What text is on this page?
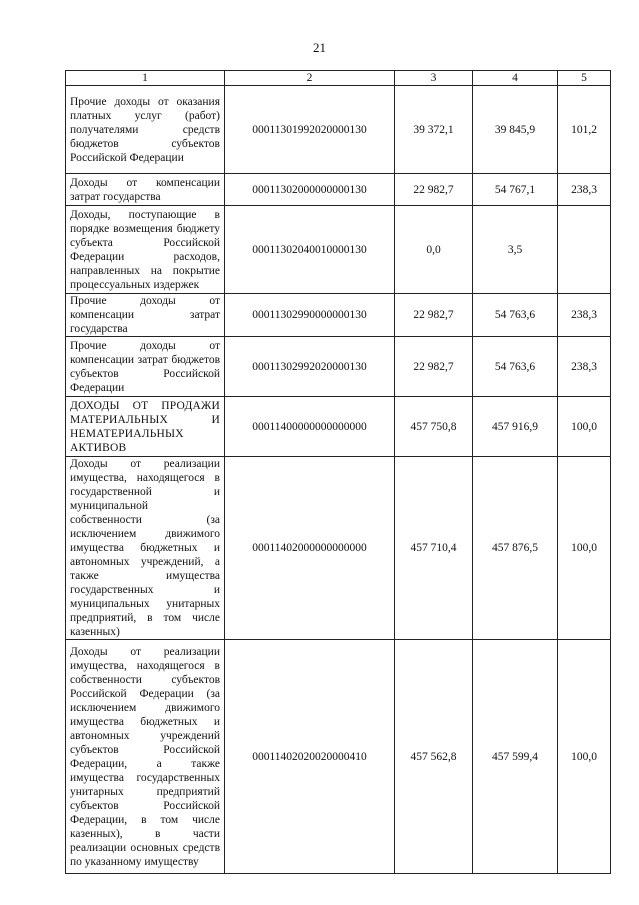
21
1	2	3	4	5
Прочие доходы от оказания платных услуг (работ) получателями средств бюджетов субъектов Российской Федерации	00011301992020000130	39 372,1	39 845,9	101,2
Доходы от компенсации затрат государства	00011302000000000130	22 982,7	54 767,1	238,3
Доходы, поступающие в порядке возмещения бюджету субъекта Российской Федерации расходов, направленных на покрытие процессуальных издержек	00011302040010000130	0,0	3,5	
Прочие доходы от компенсации затрат государства	00011302990000000130	22 982,7	54 763,6	238,3
Прочие доходы от компенсации затрат бюджетов субъектов Российской Федерации	00011302992020000130	22 982,7	54 763,6	238,3
ДОХОДЫ ОТ ПРОДАЖИ МАТЕРИАЛЬНЫХ И НЕМАТЕРИАЛЬНЫХ АКТИВОВ	00011400000000000000	457 750,8	457 916,9	100,0
Доходы от реализации имущества, находящегося в государственной и муниципальной собственности (за исключением движимого имущества бюджетных и автономных учреждений, а также имущества государственных и муниципальных унитарных предприятий, в том числе казенных)	00011402000000000000	457 710,4	457 876,5	100,0
Доходы от реализации имущества, находящегося в собственности субъектов Российской Федерации (за исключением движимого имущества бюджетных и автономных учреждений субъектов Российской Федерации, а также имущества государственных унитарных предприятий субъектов Российской Федерации, в том числе казенных), в части реализации основных средств по указанному имуществу	00011402020020000410	457 562,8	457 599,4	100,0
